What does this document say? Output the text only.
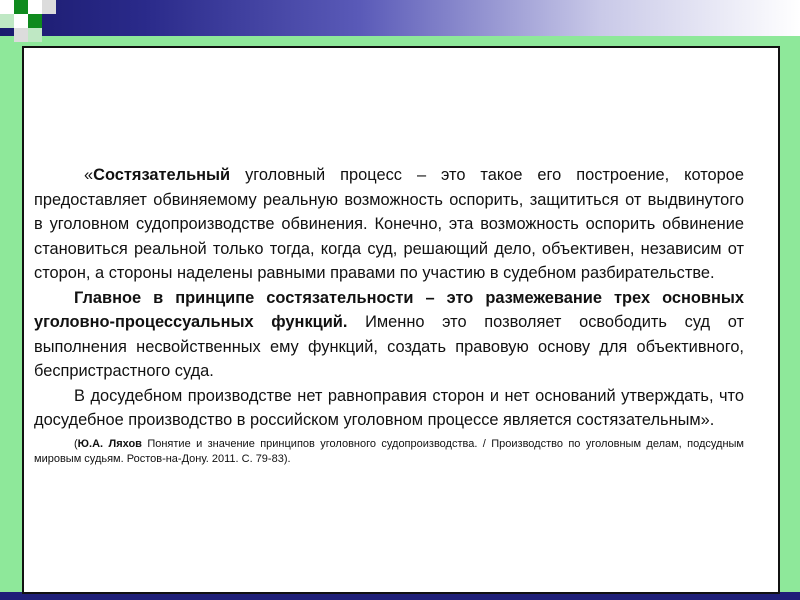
«Состязательный уголовный процесс – это такое его построение, которое предоставляет обвиняемому реальную возможность оспорить, защититься от выдвинутого в уголовном судопроизводстве обвинения. Конечно, эта возможность оспорить обвинение становиться реальной только тогда, когда суд, решающий дело, объективен, независим от сторон, а стороны наделены равными правами по участию в судебном разбирательстве.

Главное в принципе состязательности – это размежевание трех основных уголовно-процессуальных функций. Именно это позволяет освободить суд от выполнения несвойственных ему функций, создать правовую основу для объективного, беспристрастного суда.

В досудебном производстве нет равноправия сторон и нет оснований утверждать, что досудебное производство в российском уголовном процессе является состязательным».

(Ю.А. Ляхов Понятие и значение принципов уголовного судопроизводства. / Производство по уголовным делам, подсудным мировым судьям. Ростов-на-Дону. 2011. С. 79-83).
